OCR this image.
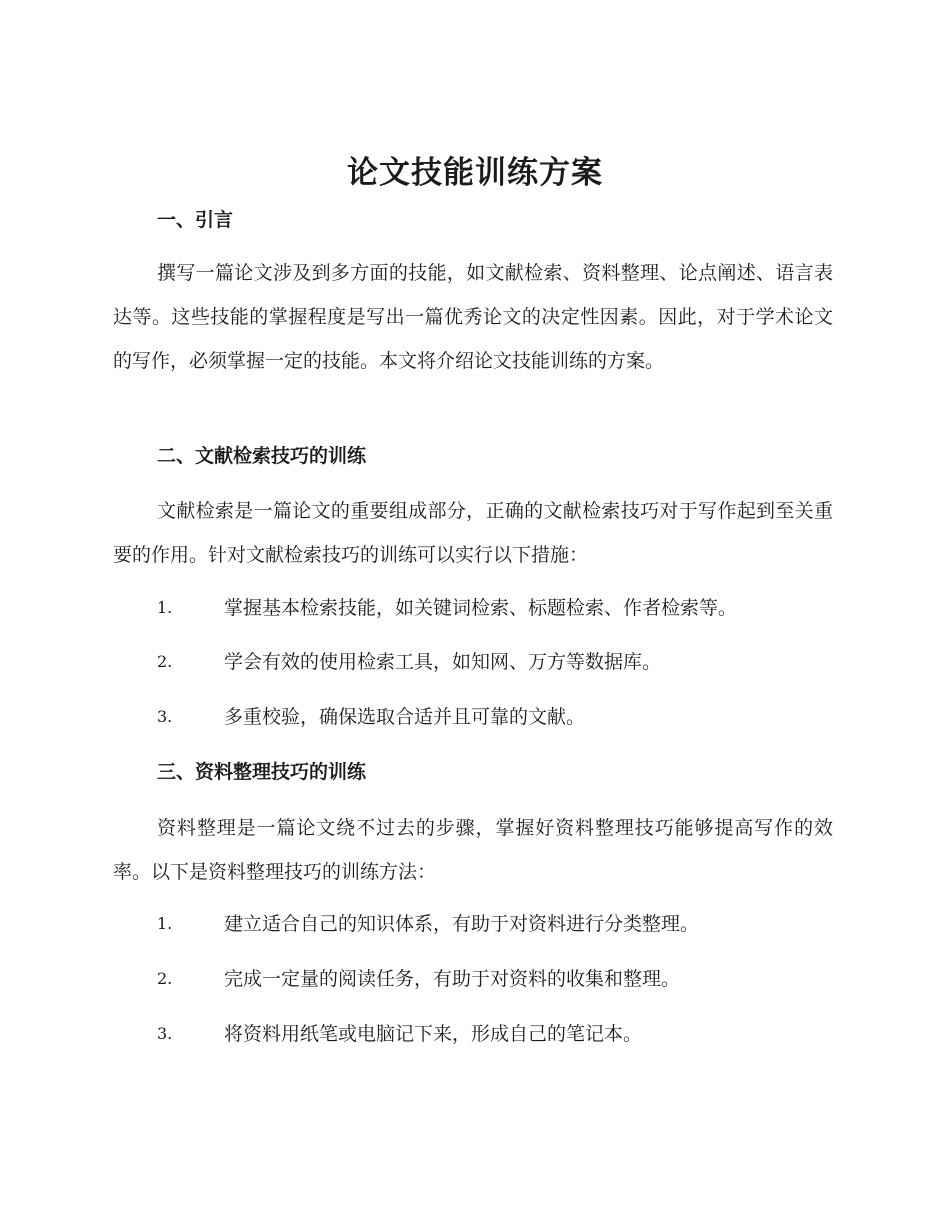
论文技能训练方案
一、引言
撰写一篇论文涉及到多方面的技能，如文献检索、资料整理、论点阐述、语言表达等。这些技能的掌握程度是写出一篇优秀论文的决定性因素。因此，对于学术论文的写作，必须掌握一定的技能。本文将介绍论文技能训练的方案。
二、文献检索技巧的训练
文献检索是一篇论文的重要组成部分，正确的文献检索技巧对于写作起到至关重要的作用。针对文献检索技巧的训练可以实行以下措施：
1.	掌握基本检索技能，如关键词检索、标题检索、作者检索等。
2.	学会有效的使用检索工具，如知网、万方等数据库。
3.	多重校验，确保选取合适并且可靠的文献。
三、资料整理技巧的训练
资料整理是一篇论文绕不过去的步骤，掌握好资料整理技巧能够提高写作的效率。以下是资料整理技巧的训练方法：
1.	建立适合自己的知识体系，有助于对资料进行分类整理。
2.	完成一定量的阅读任务，有助于对资料的收集和整理。
3.	将资料用纸笔或电脑记下来，形成自己的笔记本。
